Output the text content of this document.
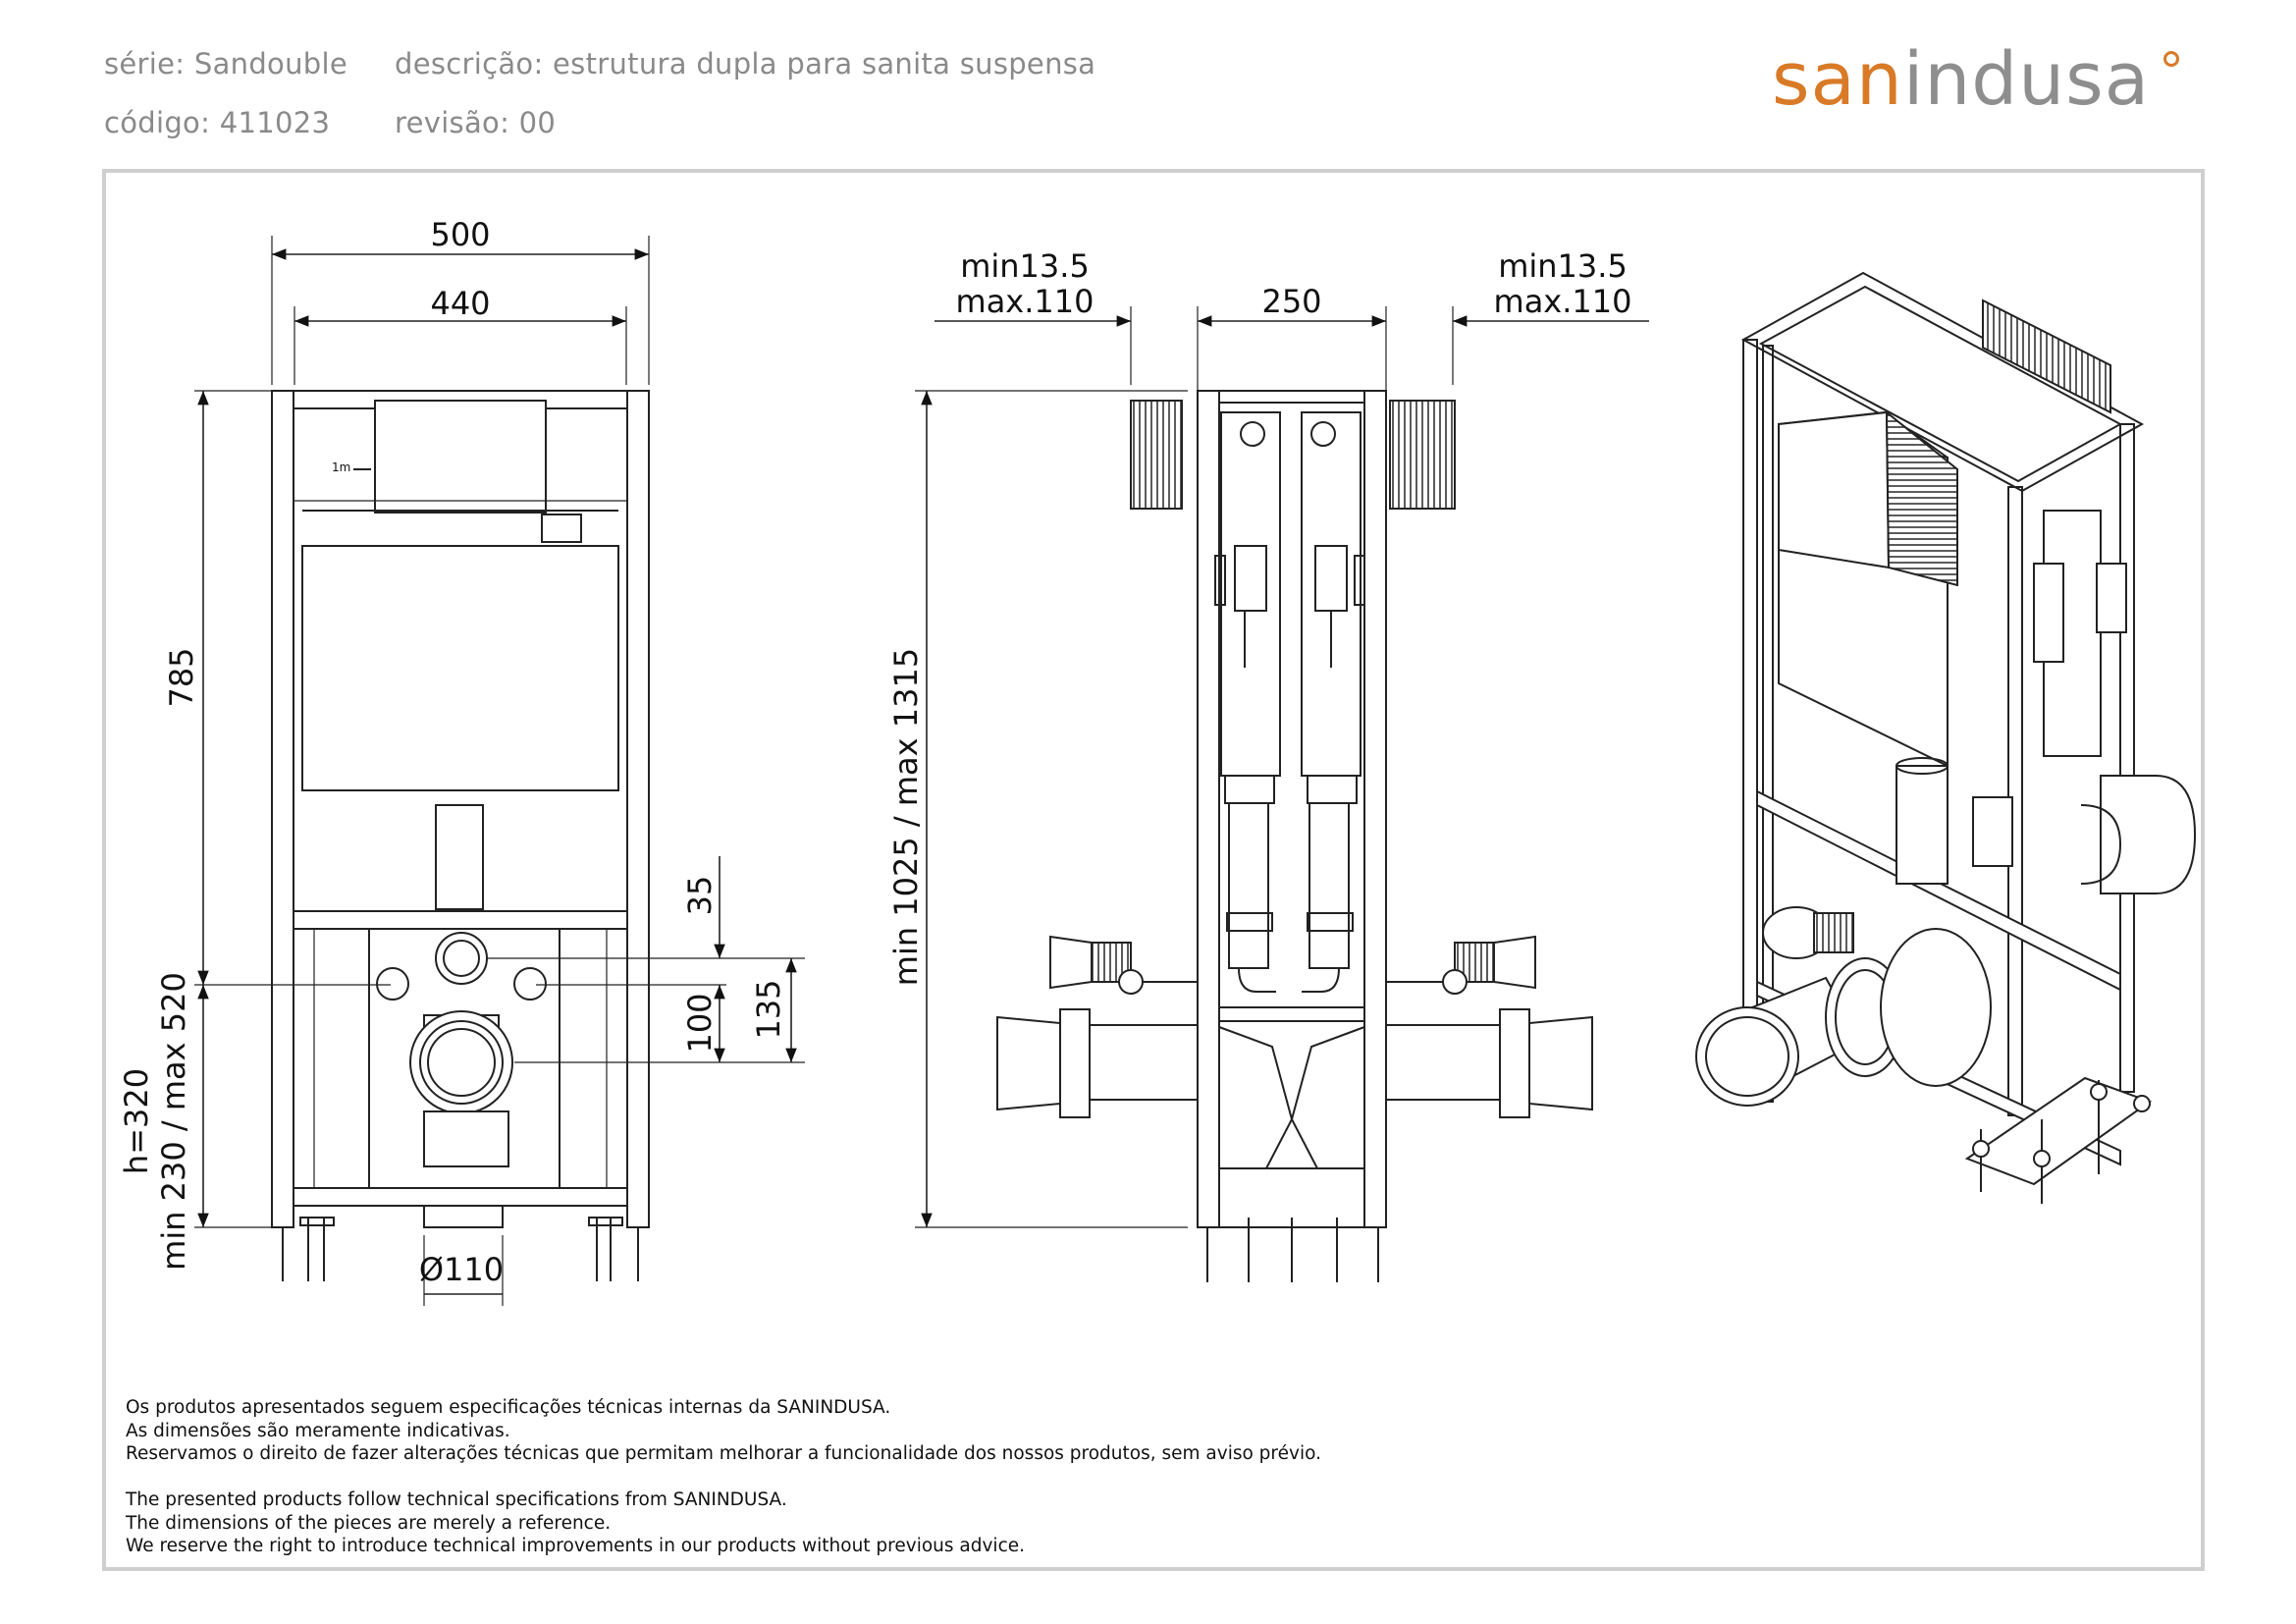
série: Sandouble descrição: estrutura dupla para sanita suspensa
código: 411023 revisão: 00
sanindusa
1m
500
440
785
h=320 min 230 / max 520
35
100 135
Ø110
min13.5
max.110	250
min13.5
max.110
min 1025 / max 1315
Os produtos apresentados seguem especificações técnicas internas da SANINDUSA.
As dimensões são meramente indicativas.
Reservamos o direito de fazer alterações técnicas que permitam melhorar a funcionalidade dos nossos produtos, sem aviso prévio.
The presented products follow technical specifications from SANINDUSA.
The dimensions of the pieces are merely a reference.
We reserve the right to introduce technical improvements in our products without previous advice.
